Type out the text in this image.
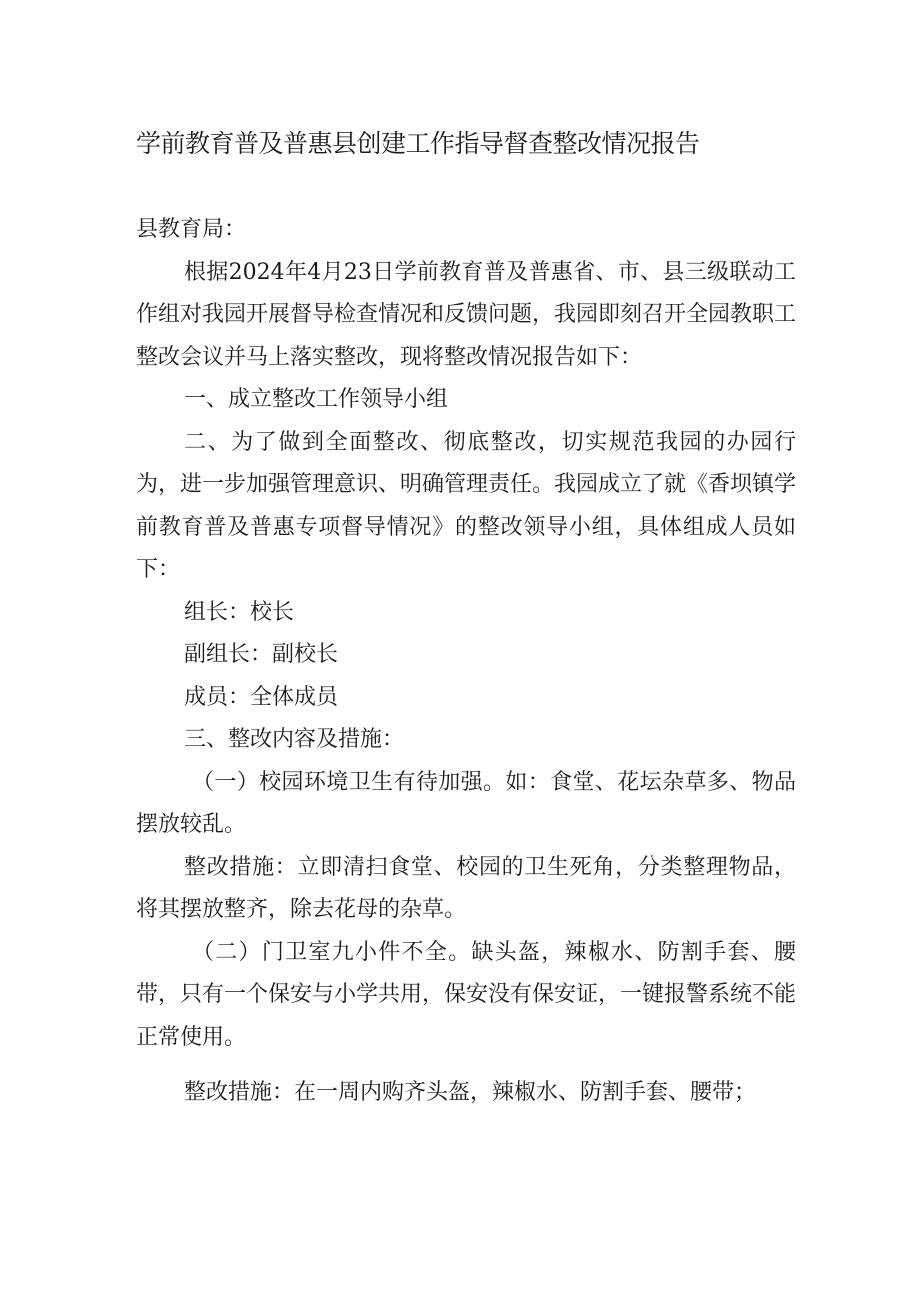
学前教育普及普惠县创建工作指导督查整改情况报告

县教育局：

根据2024年4月23日学前教育普及普惠省、市、县三级联动工作组对我园开展督导检查情况和反馈问题，我园即刻召开全园教职工整改会议并马上落实整改，现将整改情况报告如下：

一、成立整改工作领导小组

二、为了做到全面整改、彻底整改，切实规范我园的办园行为，进一步加强管理意识、明确管理责任。我园成立了就《香坝镇学前教育普及普惠专项督导情况》的整改领导小组，具体组成人员如下：

组长：校长

副组长：副校长

成员：全体成员

三、整改内容及措施：

（一）校园环境卫生有待加强。如：食堂、花坛杂草多、物品摆放较乱。

整改措施：立即清扫食堂、校园的卫生死角，分类整理物品，将其摆放整齐，除去花母的杂草。

（二）门卫室九小件不全。缺头盔，辣椒水、防割手套、腰带，只有一个保安与小学共用，保安没有保安证，一键报警系统不能正常使用。

整改措施：在一周内购齐头盔，辣椒水、防割手套、腰带；
